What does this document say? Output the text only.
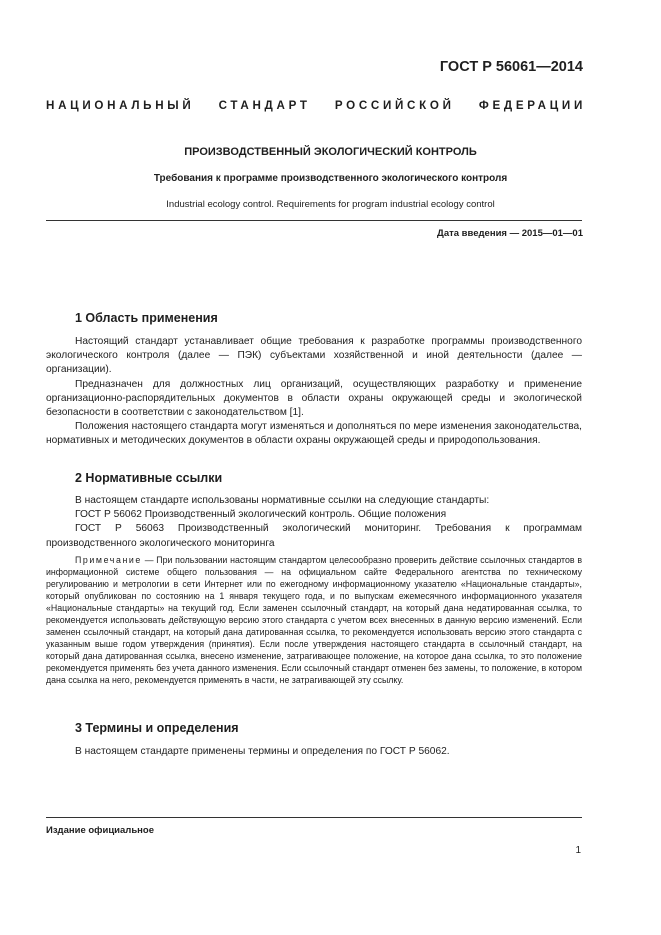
ГОСТ Р 56061—2014
НАЦИОНАЛЬНЫЙ СТАНДАРТ РОССИЙСКОЙ ФЕДЕРАЦИИ
ПРОИЗВОДСТВЕННЫЙ ЭКОЛОГИЧЕСКИЙ КОНТРОЛЬ
Требования к программе производственного экологического контроля
Industrial ecology control. Requirements for program industrial ecology control
Дата введения — 2015—01—01
1 Область применения

Настоящий стандарт устанавливает общие требования к разработке программы производственного экологического контроля (далее — ПЭК) субъектами хозяйственной и иной деятельности (далее — организации).

Предназначен для должностных лиц организаций, осуществляющих разработку и применение организационно-распорядительных документов в области охраны окружающей среды и экологической безопасности в соответствии с законодательством [1].

Положения настоящего стандарта могут изменяться и дополняться по мере изменения законодательства, нормативных и методических документов в области охраны окружающей среды и природопользования.

2 Нормативные ссылки

В настоящем стандарте использованы нормативные ссылки на следующие стандарты:

ГОСТ Р 56062 Производственный экологический контроль. Общие положения

ГОСТ Р 56063 Производственный экологический мониторинг. Требования к программам производственного экологического мониторинга

Примечание — При пользовании настоящим стандартом целесообразно проверить действие ссылочных стандартов в информационной системе общего пользования — на официальном сайте Федерального агентства по техническому регулированию и метрологии в сети Интернет или по ежегодному информационному указателю «Национальные стандарты», который опубликован по состоянию на 1 января текущего года, и по выпускам ежемесячного информационного указателя «Национальные стандарты» на текущий год. Если заменен ссылочный стандарт, на который дана недатированная ссылка, то рекомендуется использовать действующую версию этого стандарта с учетом всех внесенных в данную версию изменений. Если заменен ссылочный стандарт, на который дана датированная ссылка, то рекомендуется использовать версию этого стандарта с указанным выше годом утверждения (принятия). Если после утверждения настоящего стандарта в ссылочный стандарт, на который дана датированная ссылка, внесено изменение, затрагивающее положение, на которое дана ссылка, то это положение рекомендуется применять без учета данного изменения. Если ссылочный стандарт отменен без замены, то положение, в котором дана ссылка на него, рекомендуется применять в части, не затрагивающей эту ссылку.

3 Термины и определения

В настоящем стандарте применены термины и определения по ГОСТ Р 56062.

Издание официальное
1
